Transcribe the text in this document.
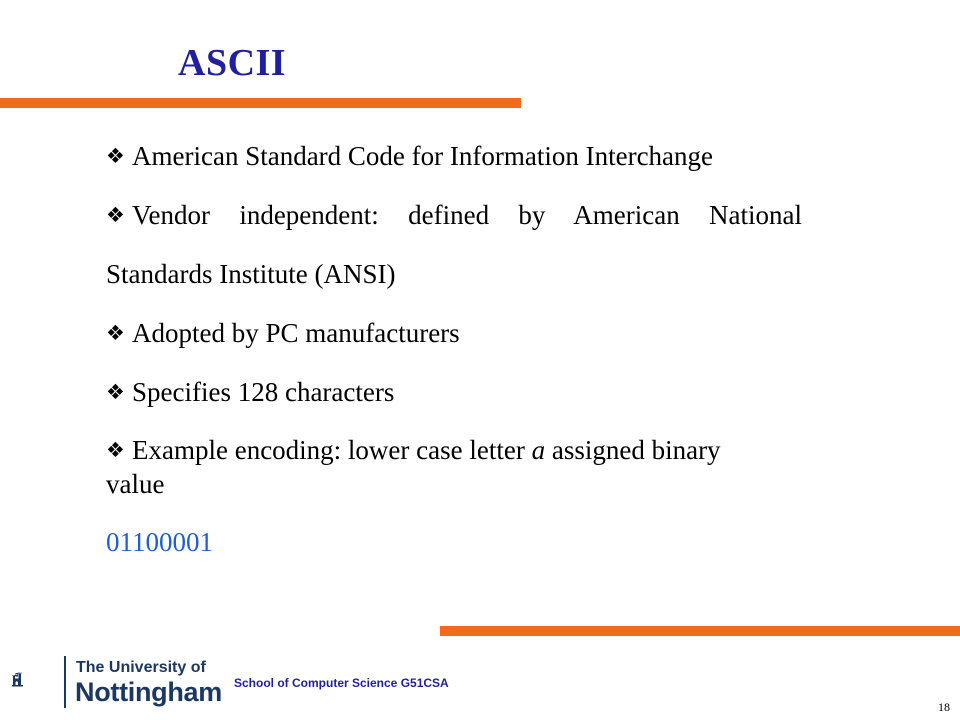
ASCII
❖ American Standard Code for Information Interchange
❖ Vendor independent: defined by American National
Standards Institute (ANSI)
❖ Adopted by PC manufacturers
❖ Specifies 128 characters
❖ Example encoding: lower case letter a assigned binary
value
01100001
The University of
Nottingham School of Computer Science G51CSA
18
